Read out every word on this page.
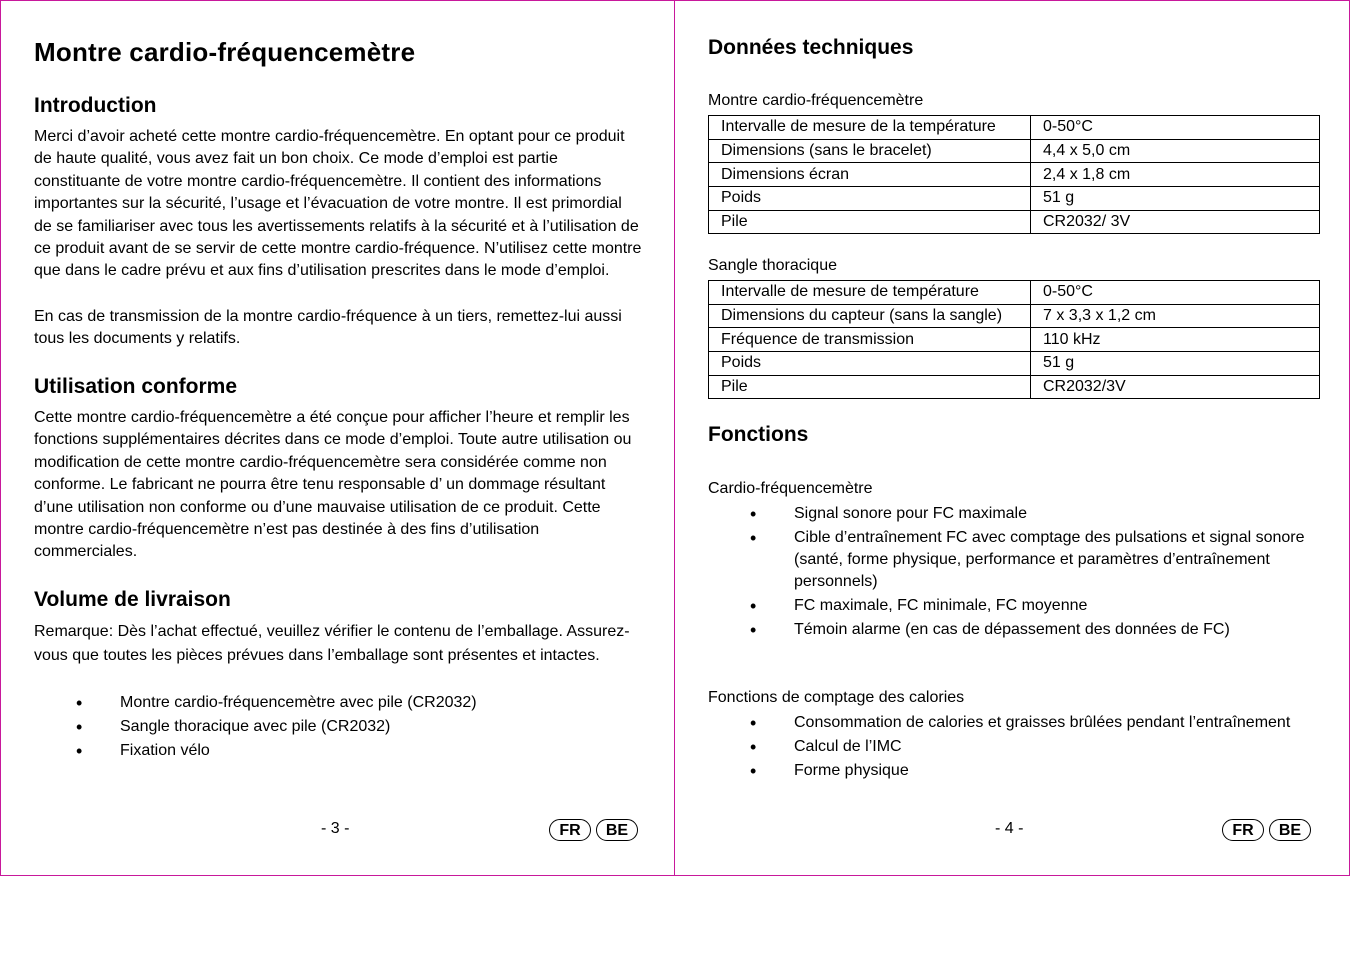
Montre cardio-fréquencemètre
Introduction

Merci d’avoir acheté cette montre cardio-fréquencemètre. En optant pour ce produit de haute qualité, vous avez fait un bon choix. Ce mode d’emploi est partie constituante de votre montre cardio-fréquencemètre. Il contient des informations importantes sur la sécurité, l’usage et l’évacuation de votre montre. Il est primordial de se familiariser avec tous les avertissements relatifs à la sécurité et à l’utilisation de ce produit avant de se servir de cette montre cardio-fréquence. N’utilisez cette montre que dans le cadre prévu et aux fins d’utilisation prescrites dans le mode d’emploi.

En cas de transmission de la montre cardio-fréquence à un tiers, remettez-lui aussi tous les documents y relatifs.

Utilisation conforme

Cette montre cardio-fréquencemètre a été conçue pour afficher l’heure et remplir les fonctions supplémentaires décrites dans ce mode d’emploi. Toute autre utilisation ou modification de cette montre cardio-fréquencemètre sera considérée comme non conforme. Le fabricant ne pourra être tenu responsable d’ un dommage résultant d’une utilisation non conforme ou d’une mauvaise utilisation de ce produit. Cette montre cardio-fréquencemètre n’est pas destinée à des fins d’utilisation commerciales.

Volume de livraison

Remarque: Dès l’achat effectué, veuillez vérifier le contenu de l’emballage. Assurez-vous que toutes les pièces prévues dans l’emballage sont présentes et intactes.

• Montre cardio-fréquencemètre avec pile (CR2032)
• Sangle thoracique avec pile (CR2032)
• Fixation vélo
- 3 -	FR	BE
Données techniques
Montre cardio-fréquencemètre
Intervalle de mesure de la température	0-50°C
Dimensions (sans le bracelet)	4,4 x 5,0 cm
Dimensions écran	2,4 x 1,8 cm
Poids	51 g
Pile	CR2032/ 3V
Sangle thoracique
Intervalle de mesure de température	0-50°C
Dimensions du capteur (sans la sangle)	7 x 3,3 x 1,2 cm
Fréquence de transmission	110 kHz
Poids	51 g
Pile	CR2032/3V
Fonctions
Cardio-fréquencemètre
• Signal sonore pour FC maximale
• Cible d’entraînement FC avec comptage des pulsations et signal sonore
(santé, forme physique, performance et paramètres d’entraînement personnels)
• FC maximale, FC minimale, FC moyenne
• Témoin alarme (en cas de dépassement des données de FC)
Fonctions de comptage des calories
• Consommation de calories et graisses brûlées pendant l’entraînement
• Calcul de l’IMC
• Forme physique
- 4 -	FR	BE
